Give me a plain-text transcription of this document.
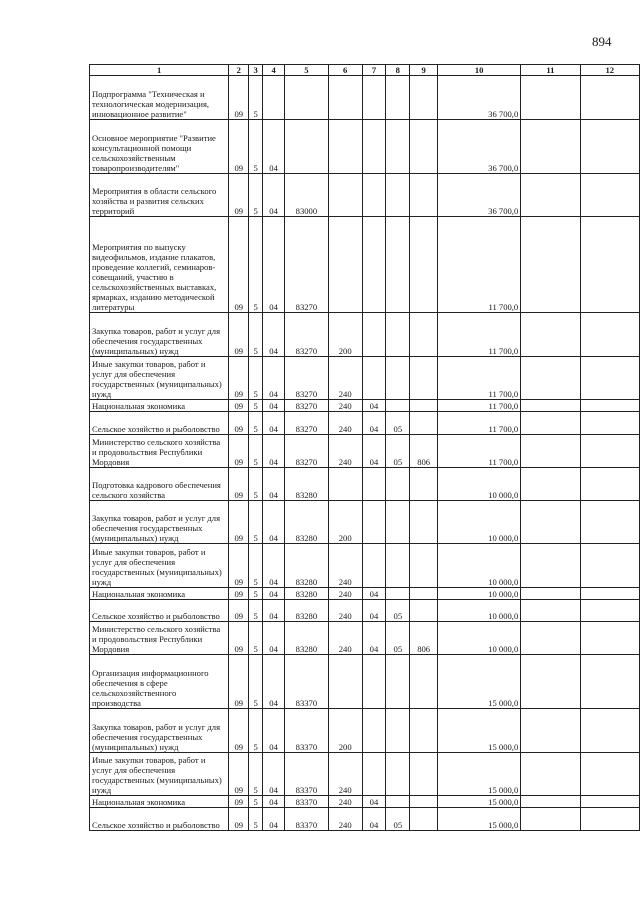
894
1	2	3	4	5	6	7	8	9	10	11	12
Подпрограмма "Техническая и технологическая модернизация, инновационное развитие"	09	5							36 700,0		
Основное мероприятие "Развитие консультационной помощи сельскохозяйственным товаропроизводителям"	09	5	04						36 700,0		
Мероприятия в области сельского хозяйства и развития сельских территорий	09	5	04	83000					36 700,0		
Мероприятия по выпуску видеофильмов, издание плакатов, проведение коллегий, семинаров-совещаний, участию в сельскохозяйственных выставках, ярмарках, изданию методической литературы	09	5	04	83270					11 700,0		
Закупка товаров, работ и услуг для обеспечения государственных (муниципальных) нужд	09	5	04	83270	200				11 700,0		
Иные закупки товаров, работ и услуг для обеспечения государственных (муниципальных) нужд	09	5	04	83270	240				11 700,0		
Национальная экономика	09	5	04	83270	240	04			11 700,0		
Сельское хозяйство и рыболовство	09	5	04	83270	240	04	05		11 700,0		
Министерство сельского хозяйства и продовольствия Республики Мордовия	09	5	04	83270	240	04	05	806	11 700,0		
Подготовка кадрового обеспечения сельского хозяйства	09	5	04	83280					10 000,0		
Закупка товаров, работ и услуг для обеспечения государственных (муниципальных) нужд	09	5	04	83280	200				10 000,0		
Иные закупки товаров, работ и услуг для обеспечения государственных (муниципальных) нужд	09	5	04	83280	240				10 000,0		
Национальная экономика	09	5	04	83280	240	04			10 000,0		
Сельское хозяйство и рыболовство	09	5	04	83280	240	04	05		10 000,0		
Министерство сельского хозяйства и продовольствия Республики Мордовия	09	5	04	83280	240	04	05	806	10 000,0		
Организация информационного обеспечения в сфере сельскохозяйственного производства	09	5	04	83370					15 000,0		
Закупка товаров, работ и услуг для обеспечения государственных (муниципальных) нужд	09	5	04	83370	200				15 000,0		
Иные закупки товаров, работ и услуг для обеспечения государственных (муниципальных) нужд	09	5	04	83370	240				15 000,0		
Национальная экономика	09	5	04	83370	240	04			15 000,0		
Сельское хозяйство и рыболовство	09	5	04	83370	240	04	05		15 000,0		
